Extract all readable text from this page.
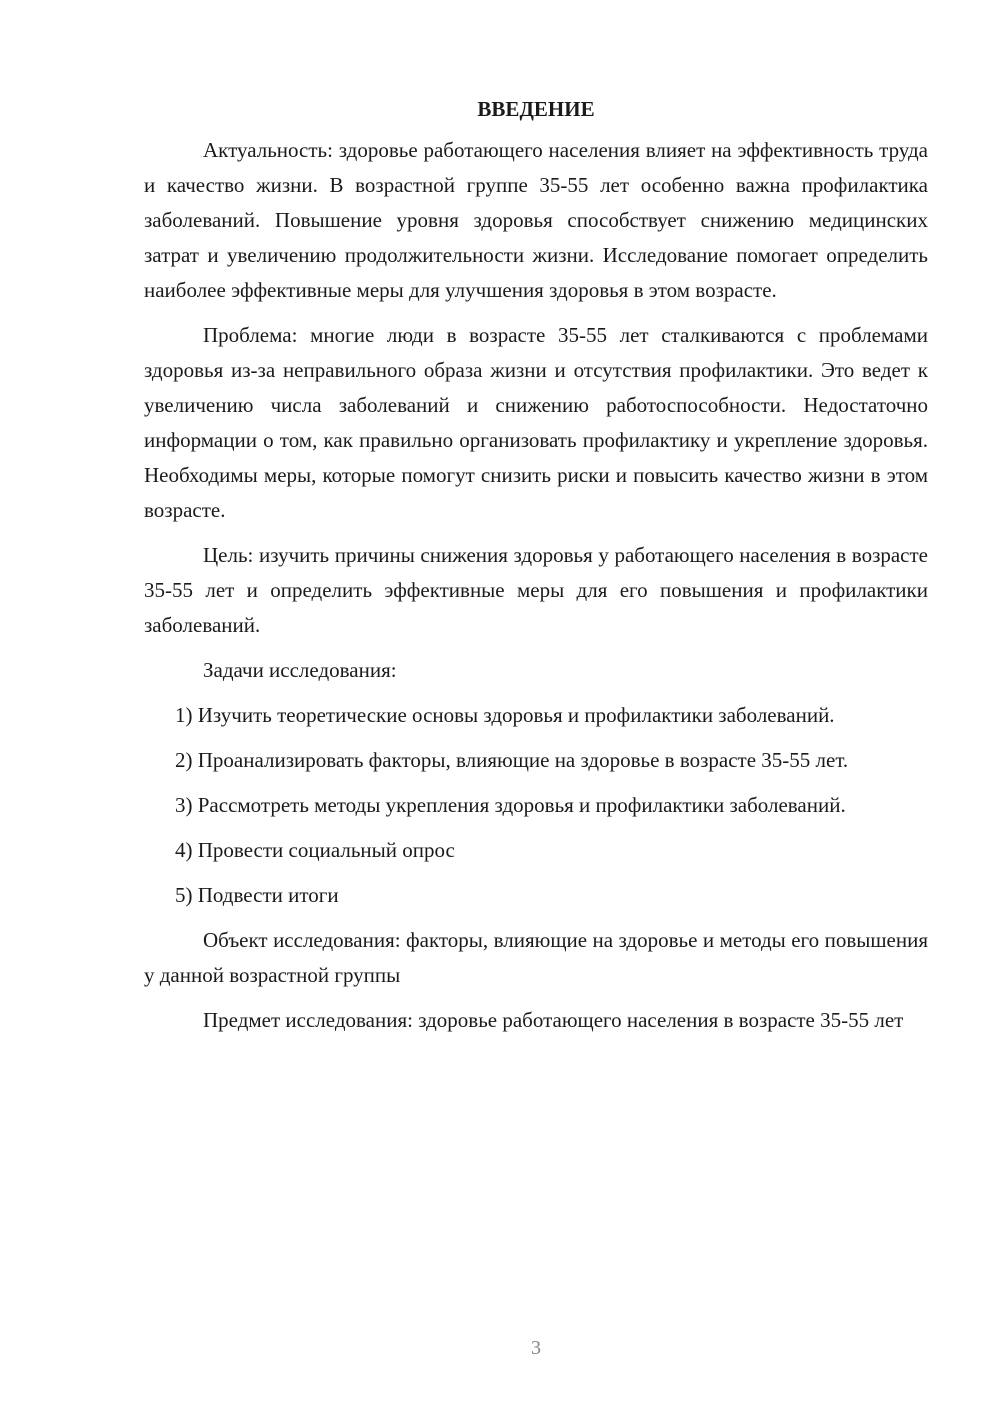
ВВЕДЕНИЕ

Актуальность: здоровье работающего населения влияет на эффективность труда и качество жизни. В возрастной группе 35-55 лет особенно важна профилактика заболеваний. Повышение уровня здоровья способствует снижению медицинских затрат и увеличению продолжительности жизни. Исследование помогает определить наиболее эффективные меры для улучшения здоровья в этом возрасте.

Проблема: многие люди в возрасте 35-55 лет сталкиваются с проблемами здоровья из-за неправильного образа жизни и отсутствия профилактики. Это ведет к увеличению числа заболеваний и снижению работоспособности. Недостаточно информации о том, как правильно организовать профилактику и укрепление здоровья. Необходимы меры, которые помогут снизить риски и повысить качество жизни в этом возрасте.

Цель: изучить причины снижения здоровья у работающего населения в возрасте 35-55 лет и определить эффективные меры для его повышения и профилактики заболеваний.

Задачи исследования:

1) Изучить теоретические основы здоровья и профилактики заболеваний.

2) Проанализировать факторы, влияющие на здоровье в возрасте 35-55 лет.

3) Рассмотреть методы укрепления здоровья и профилактики заболеваний.

4) Провести социальный опрос

5) Подвести итоги

Объект исследования: факторы, влияющие на здоровье и методы его повышения у данной возрастной группы

Предмет исследования: здоровье работающего населения в возрасте 35-55 лет

3
